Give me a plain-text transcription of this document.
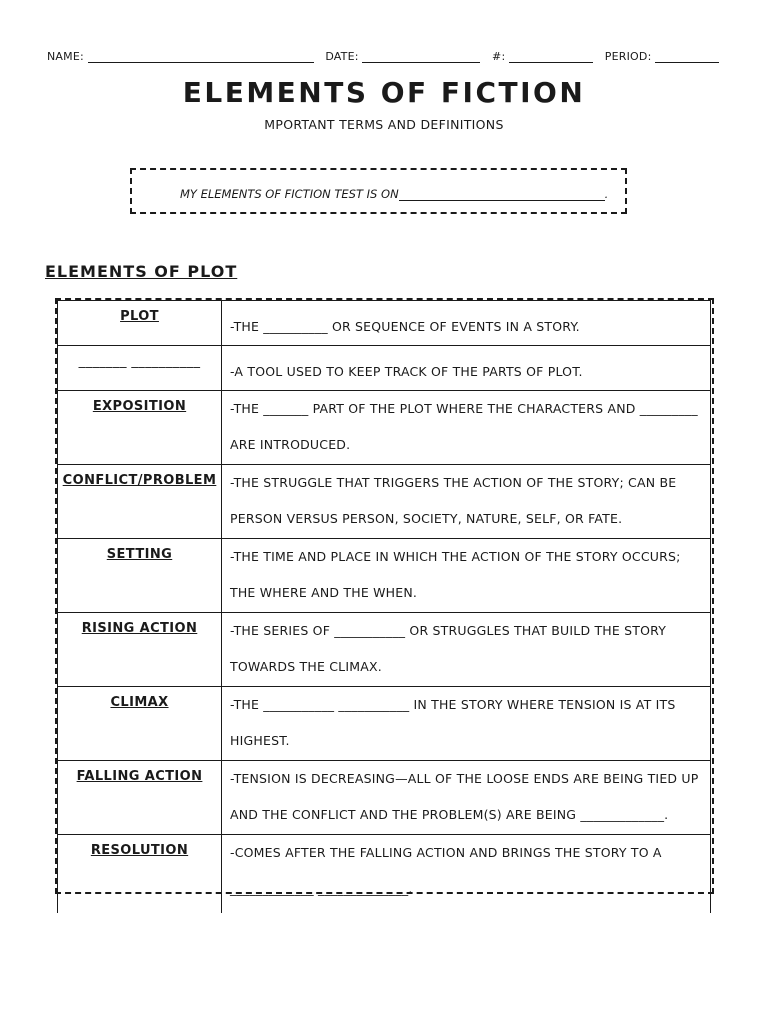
NAME:	DATE:	#:	PERIOD:
ELEMENTS OF FICTION
MPORTANT TERMS AND DEFINITIONS
MY ELEMENTS OF FICTION TEST IS ON	.
ELEMENTS OF PLOT
PLOT	-THE __________ OR SEQUENCE OF EVENTS IN A STORY.
_______ __________	-A TOOL USED TO KEEP TRACK OF THE PARTS OF PLOT.
EXPOSITION	-THE _______ PART OF THE PLOT WHERE THE CHARACTERS AND _________ ARE INTRODUCED.
CONFLICT/PROBLEM	-THE STRUGGLE THAT TRIGGERS THE ACTION OF THE STORY; CAN BE PERSON VERSUS PERSON, SOCIETY, NATURE, SELF, OR FATE.
SETTING	-THE TIME AND PLACE IN WHICH THE ACTION OF THE STORY OCCURS; THE WHERE AND THE WHEN.
RISING ACTION	-THE SERIES OF ___________ OR STRUGGLES THAT BUILD THE STORY TOWARDS THE CLIMAX.
CLIMAX	-THE ___________ ___________ IN THE STORY WHERE TENSION IS AT ITS HIGHEST.
FALLING ACTION	-TENSION IS DECREASING—ALL OF THE LOOSE ENDS ARE BEING TIED UP AND THE CONFLICT AND THE PROBLEM(S) ARE BEING _____________.
RESOLUTION	-COMES AFTER THE FALLING ACTION AND BRINGS THE STORY TO A _____________ ______________.
